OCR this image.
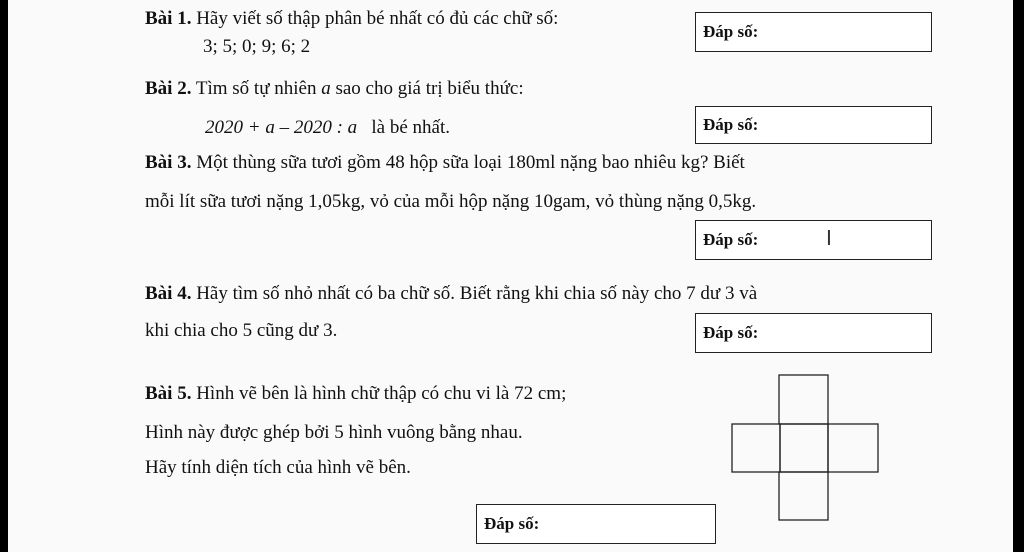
Bài 1. Hãy viết số thập phân bé nhất có đủ các chữ số:
3; 5; 0; 9; 6; 2
Đáp số:
Bài 2. Tìm số tự nhiên a sao cho giá trị biểu thức:
2020 + a – 2020 : a là bé nhất.	Đáp số:
Bài 3. Một thùng sữa tươi gồm 48 hộp sữa loại 180ml nặng bao nhiêu kg? Biết
mỗi lít sữa tươi nặng 1,05kg, vỏ của mỗi hộp nặng 10gam, vỏ thùng nặng 0,5kg.
Đáp số:	I
Bài 4. Hãy tìm số nhỏ nhất có ba chữ số. Biết rằng khi chia số này cho 7 dư 3 và
khi chia cho 5 cũng dư 3.	Đáp số:
Bài 5. Hình vẽ bên là hình chữ thập có chu vi là 72 cm;
Hình này được ghép bởi 5 hình vuông bằng nhau.
Hãy tính diện tích của hình vẽ bên.
Đáp số:
